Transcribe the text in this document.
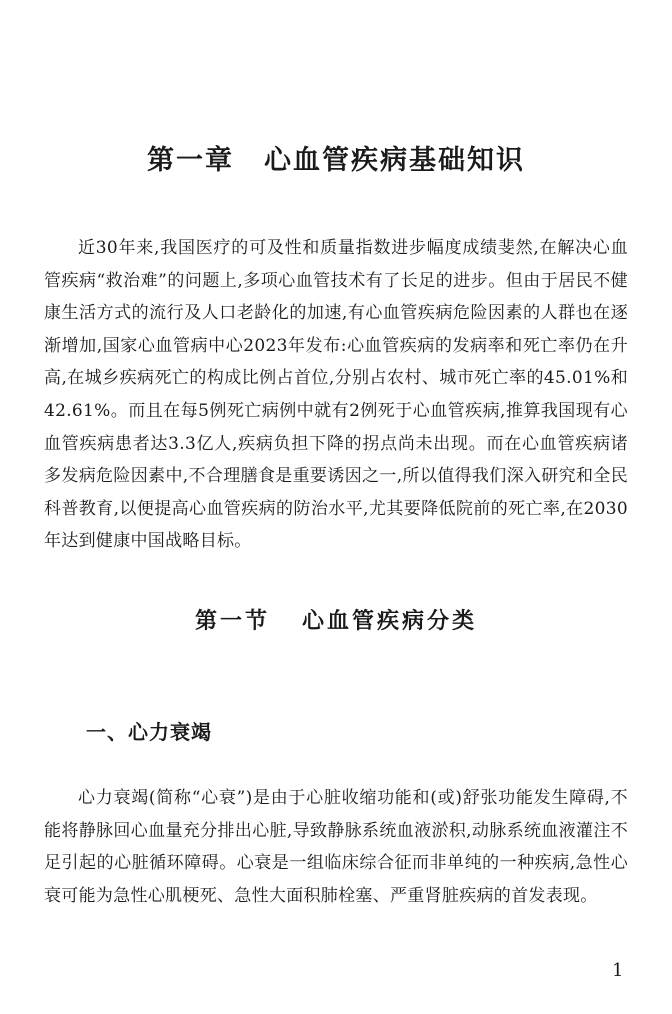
第一章 心血管疾病基础知识

近30年来,我国医疗的可及性和质量指数进步幅度成绩斐然,在解决心血管疾病“救治难”的问题上,多项心血管技术有了长足的进步。但由于居民不健康生活方式的流行及人口老龄化的加速,有心血管疾病危险因素的人群也在逐渐增加,国家心血管病中心2023年发布:心血管疾病的发病率和死亡率仍在升高,在城乡疾病死亡的构成比例占首位,分别占农村、城市死亡率的45.01%和42.61%。而且在每5例死亡病例中就有2例死于心血管疾病,推算我国现有心血管疾病患者达3.3亿人,疾病负担下降的拐点尚未出现。而在心血管疾病诸多发病危险因素中,不合理膳食是重要诱因之一,所以值得我们深入研究和全民科普教育,以便提高心血管疾病的防治水平,尤其要降低院前的死亡率,在2030年达到健康中国战略目标。

第一节 心血管疾病分类
一、心力衰竭

心力衰竭(简称“心衰”)是由于心脏收缩功能和(或)舒张功能发生障碍,不能将静脉回心血量充分排出心脏,导致静脉系统血液淤积,动脉系统血液灌注不足引起的心脏循环障碍。心衰是一组临床综合征而非单纯的一种疾病,急性心衰可能为急性心肌梗死、急性大面积肺栓塞、严重肾脏疾病的首发表现。

1
